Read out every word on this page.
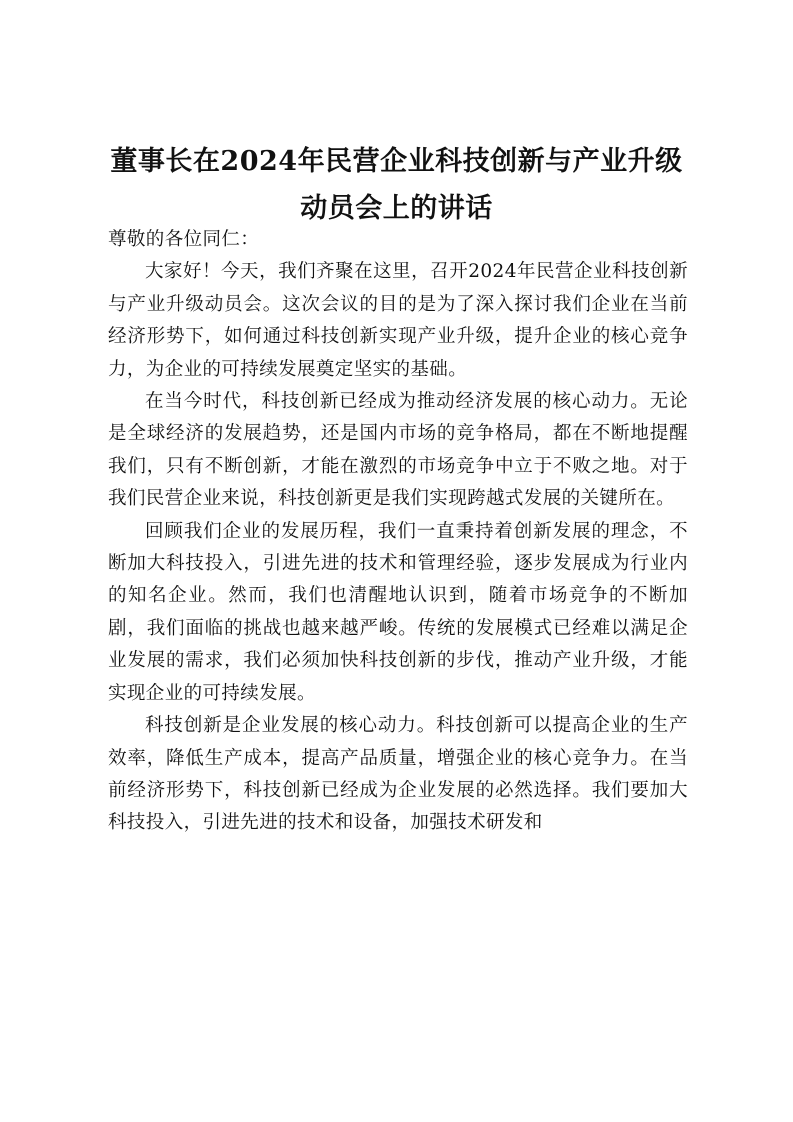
董事长在2024年民营企业科技创新与产业升级动员会上的讲话

尊敬的各位同仁：

大家好！今天，我们齐聚在这里，召开2024年民营企业科技创新与产业升级动员会。这次会议的目的是为了深入探讨我们企业在当前经济形势下，如何通过科技创新实现产业升级，提升企业的核心竞争力，为企业的可持续发展奠定坚实的基础。

在当今时代，科技创新已经成为推动经济发展的核心动力。无论是全球经济的发展趋势，还是国内市场的竞争格局，都在不断地提醒我们，只有不断创新，才能在激烈的市场竞争中立于不败之地。对于我们民营企业来说，科技创新更是我们实现跨越式发展的关键所在。

回顾我们企业的发展历程，我们一直秉持着创新发展的理念，不断加大科技投入，引进先进的技术和管理经验，逐步发展成为行业内的知名企业。然而，我们也清醒地认识到，随着市场竞争的不断加剧，我们面临的挑战也越来越严峻。传统的发展模式已经难以满足企业发展的需求，我们必须加快科技创新的步伐，推动产业升级，才能实现企业的可持续发展。

科技创新是企业发展的核心动力。科技创新可以提高企业的生产效率，降低生产成本，提高产品质量，增强企业的核心竞争力。在当前经济形势下，科技创新已经成为企业发展的必然选择。我们要加大科技投入，引进先进的技术和设备，加强技术研发和
